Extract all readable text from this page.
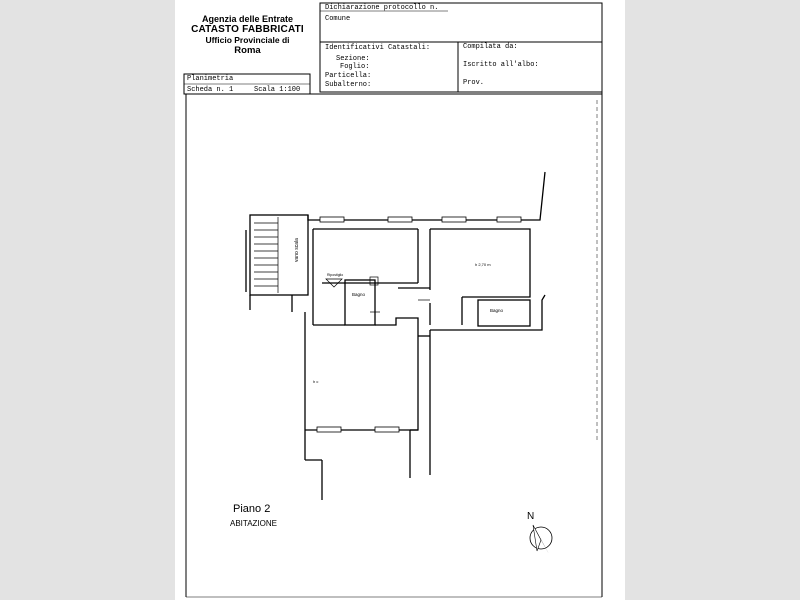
Agenzia delle Entrate
CATASTO FABBRICATI
Ufficio Provinciale di
Roma
Dichiarazione protocollo n.
Comune
Identificativi Catastali:
Sezione:
Foglio:
Particella:
Subalterno:
Compilata da:
Iscritto all'albo:
Prov.
Planimetria
Scheda n. 1	Scala 1:100
vano scala
Ripostiglio
Bagno
h 2,70 m
Bagno
h c
Piano 2
ABITAZIONE
N
